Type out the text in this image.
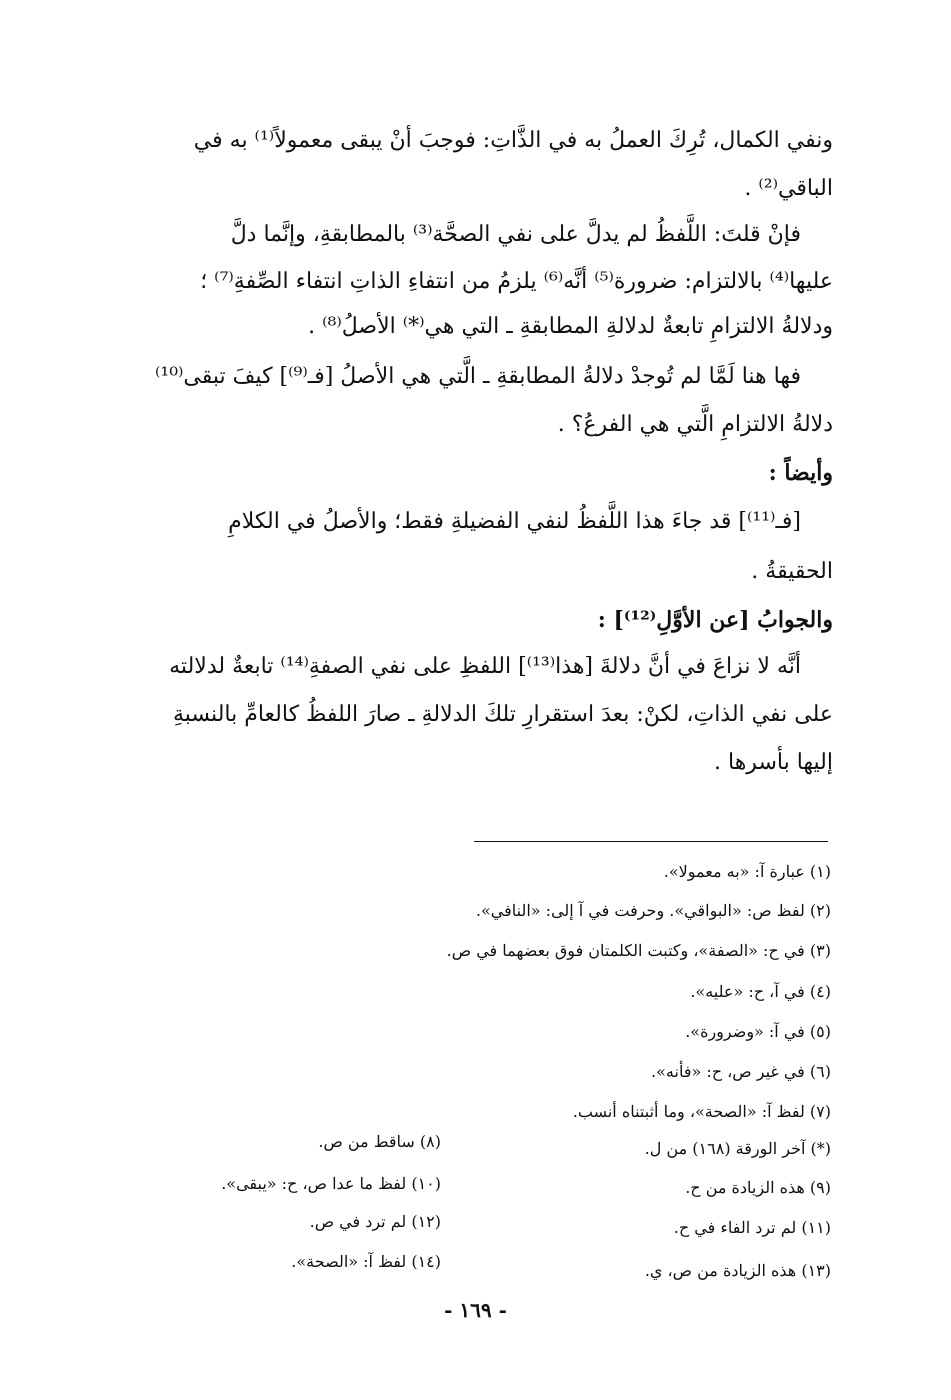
ونفي الكمال، تُرِكَ العملُ به في الذَّاتِ: فوجبَ أنْ يبقى معمولاً⁽¹⁾ به في
الباقي⁽²⁾ .
فإنْ قلتَ: اللَّفظُ لم يدلَّ على نفي الصحَّة⁽³⁾ بالمطابقةِ، وإنَّما دلَّ
عليها⁽⁴⁾ بالالتزام: ضرورة⁽⁵⁾ أنَّه⁽⁶⁾ يلزمُ من انتفاءِ الذاتِ انتفاء الصِّفةِ⁽⁷⁾ ؛
ودلالةُ الالتزامِ تابعةٌ لدلالةِ المطابقةِ ـ التي هي⁽*⁾ الأصلُ⁽⁸⁾ .
فها هنا لَمَّا لم تُوجدْ دلالةُ المطابقةِ ـ الَّتي هي الأصلُ [فـ⁽⁹⁾] كيفَ تبقى⁽¹⁰⁾
دلالةُ الالتزامِ الَّتي هي الفرعُ؟ .
وأيضاً :
[فـ⁽¹¹⁾] قد جاءَ هذا اللَّفظُ لنفي الفضيلةِ فقط؛ والأصلُ في الكلامِ
الحقيقةُ .
والجوابُ [عن الأوَّلِ⁽¹²⁾] :
أنَّه لا نزاعَ في أنَّ دلالةَ [هذا⁽¹³⁾] اللفظِ على نفي الصفةِ⁽¹⁴⁾ تابعةٌ لدلالته
على نفي الذاتِ، لكنْ: بعدَ استقرارِ تلكَ الدلالةِ ـ صارَ اللفظُ كالعامِّ بالنسبةِ
إليها بأسرها .
(١) عبارة آ: «به معمولا».
(٢) لفظ ص: «البواقي». وحرفت في آ إلى: «النافي».
(٣) في ح: «الصفة»، وكتبت الكلمتان فوق بعضهما في ص.
(٤) في آ، ح: «عليه».
(٥) في آ: «وضرورة».
(٦) في غير ص، ح: «فأنه».
(٧) لفظ آ: «الصحة»، وما أثبتناه أنسب.
(*) آخر الورقة (١٦٨) من ل.
(٩) هذه الزيادة من ح.
(١١) لم ترد الفاء في ح.
(١٣) هذه الزيادة من ص، ي.
(٨) ساقط من ص.
(١٠) لفظ ما عدا ص، ح: «يبقى».
(١٢) لم ترد في ص.
(١٤) لفظ آ: «الصحة».
- ١٦٩ -
